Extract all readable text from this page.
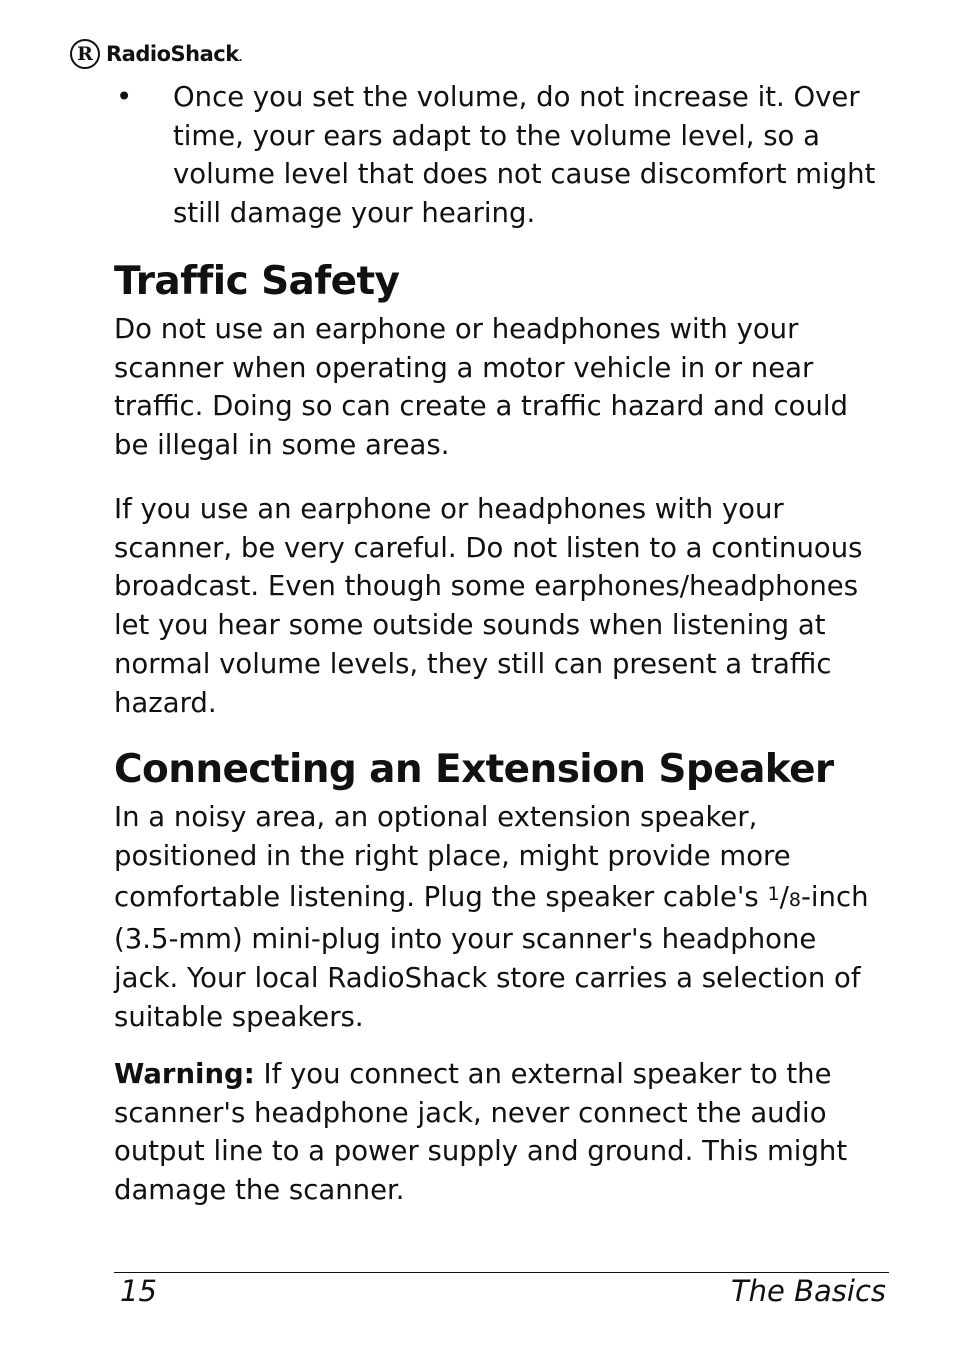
R RadioShack.
• Once you set the volume, do not increase it. Over time, your ears adapt to the volume level, so a volume level that does not cause discomfort might still damage your hearing.
Traffic Safety
Do not use an earphone or headphones with your scanner when operating a motor vehicle in or near traffic. Doing so can create a traffic hazard and could be illegal in some areas.
If you use an earphone or headphones with your scanner, be very careful. Do not listen to a continuous broadcast. Even though some earphones/headphones let you hear some outside sounds when listening at normal volume levels, they still can present a traffic hazard.
Connecting an Extension Speaker
In a noisy area, an optional extension speaker, positioned in the right place, might provide more comfortable listening. Plug the speaker cable's $^1$/8-inch (3.5-mm) mini-plug into your scanner's headphone jack. Your local RadioShack store carries a selection of suitable speakers.
Warning: If you connect an external speaker to the scanner's headphone jack, never connect the audio output line to a power supply and ground. This might damage the scanner.
15	The Basics
